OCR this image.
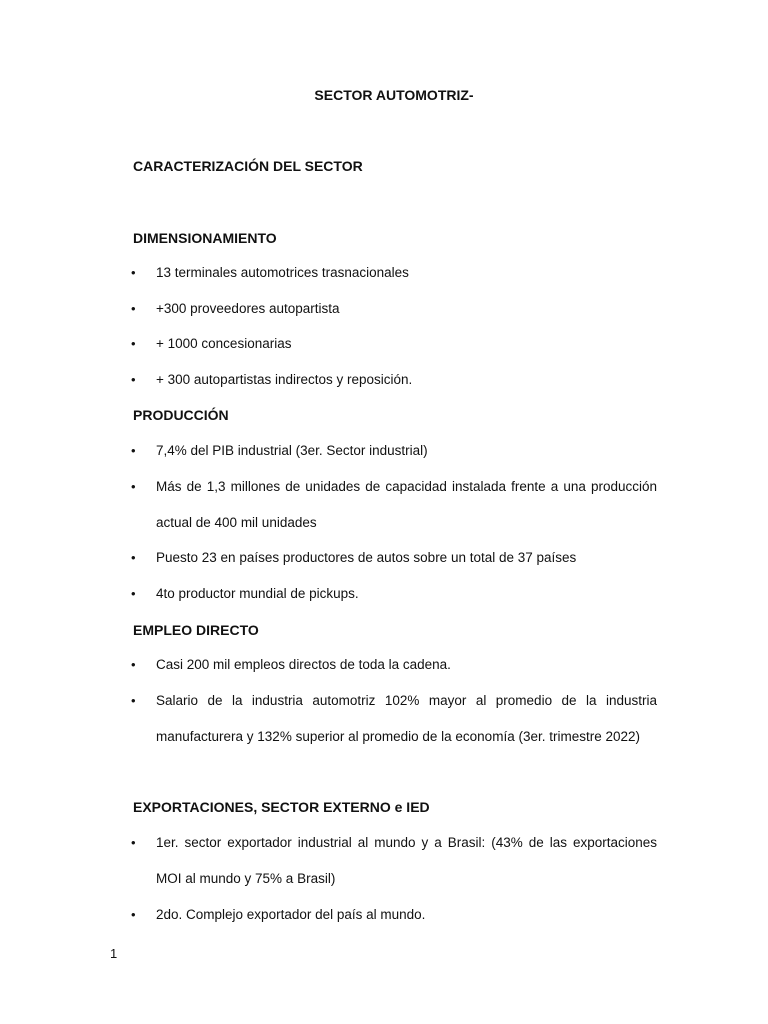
SECTOR AUTOMOTRIZ-
CARACTERIZACIÓN DEL SECTOR
DIMENSIONAMIENTO
• 13 terminales automotrices trasnacionales
• +300 proveedores autopartista
• + 1000 concesionarias
• + 300 autopartistas indirectos y reposición.
PRODUCCIÓN
• 7,4% del PIB industrial (3er. Sector industrial)
• Más de 1,3 millones de unidades de capacidad instalada frente a una producción actual de 400 mil unidades
• Puesto 23 en países productores de autos sobre un total de 37 países
• 4to productor mundial de pickups.
EMPLEO DIRECTO
• Casi 200 mil empleos directos de toda la cadena.
• Salario de la industria automotriz 102% mayor al promedio de la industria manufacturera y 132% superior al promedio de la economía (3er. trimestre 2022)
EXPORTACIONES, SECTOR EXTERNO e IED
• 1er. sector exportador industrial al mundo y a Brasil: (43% de las exportaciones MOI al mundo y 75% a Brasil)
• 2do. Complejo exportador del país al mundo.
1
